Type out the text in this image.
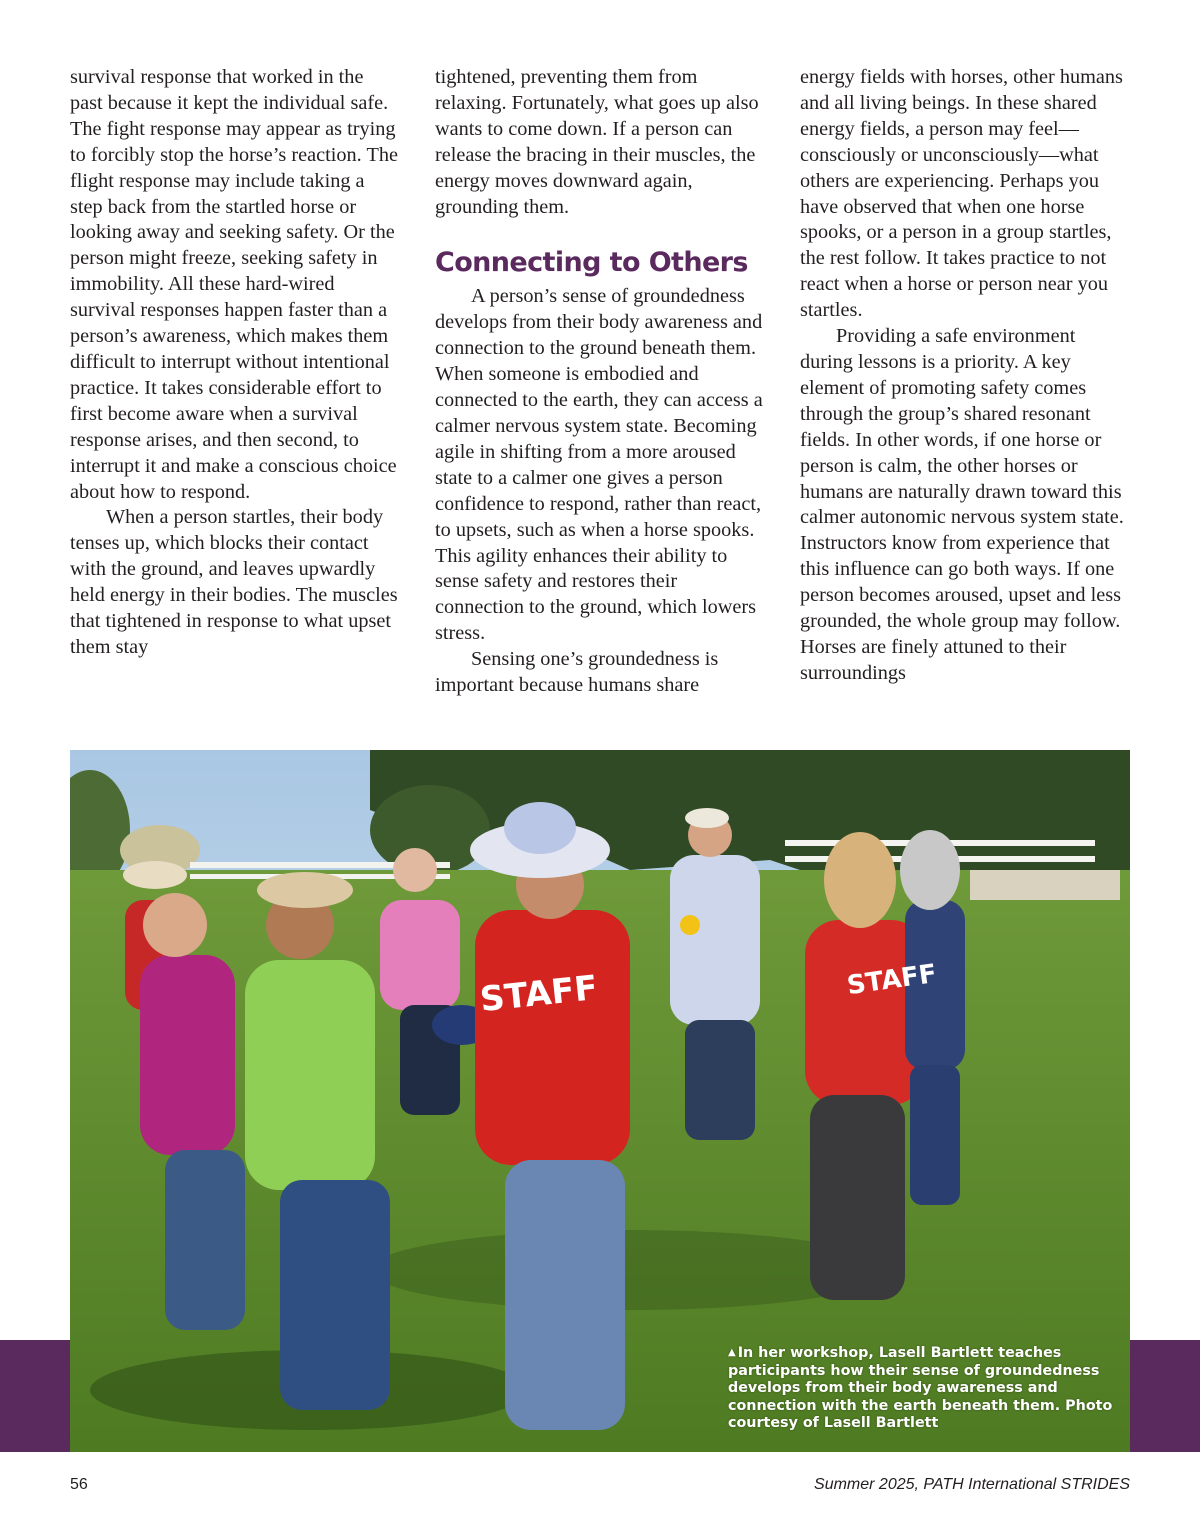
survival response that worked in the past because it kept the individual safe. The fight response may appear as trying to forcibly stop the horse’s reaction. The flight response may include taking a step back from the startled horse or looking away and seeking safety. Or the person might freeze, seeking safety in immobility. All these hard-wired survival responses happen faster than a person’s awareness, which makes them difficult to interrupt without intentional practice. It takes considerable effort to first become aware when a survival response arises, and then second, to interrupt it and make a conscious choice about how to respond.

When a person startles, their body tenses up, which blocks their contact with the ground, and leaves upwardly held energy in their bodies. The muscles that tightened in response to what upset them stay

tightened, preventing them from relaxing. Fortunately, what goes up also wants to come down. If a person can release the bracing in their muscles, the energy moves downward again, grounding them.

Connecting to Others

A person’s sense of groundedness develops from their body awareness and connection to the ground beneath them. When someone is embodied and connected to the earth, they can access a calmer nervous system state. Becoming agile in shifting from a more aroused state to a calmer one gives a person confidence to respond, rather than react, to upsets, such as when a horse spooks. This agility enhances their ability to sense safety and restores their connection to the ground, which lowers stress.

Sensing one’s groundedness is important because humans share

energy fields with horses, other humans and all living beings. In these shared energy fields, a person may feel—consciously or unconsciously—what others are experiencing. Perhaps you have observed that when one horse spooks, or a person in a group startles, the rest follow. It takes practice to not react when a horse or person near you startles.

Providing a safe environment during lessons is a priority. A key element of promoting safety comes through the group’s shared resonant fields. In other words, if one horse or person is calm, the other horses or humans are naturally drawn toward this calmer autonomic nervous system state. Instructors know from experience that this influence can go both ways. If one person becomes aroused, upset and less grounded, the whole group may follow. Horses are finely attuned to their surroundings

STAFF	STAFF
▲ In her workshop, Lasell Bartlett teaches participants how their sense of groundedness develops from their body awareness and connection with the earth beneath them. Photo courtesy of Lasell Bartlett
56	Summer 2025, PATH International STRIDES
